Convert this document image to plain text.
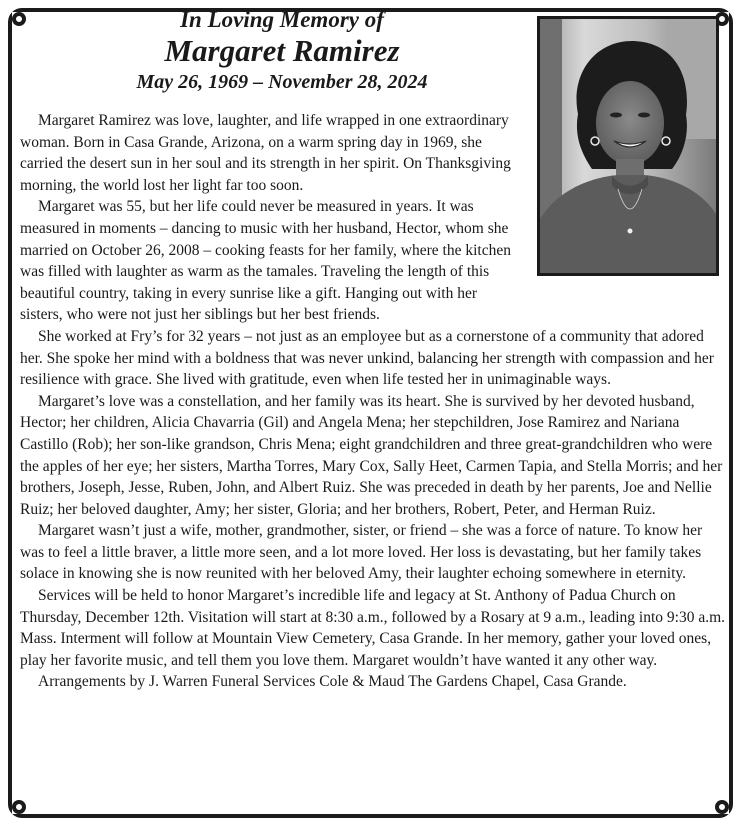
In Loving Memory of
Margaret Ramirez
May 26, 1969 – November 28, 2024

Margaret Ramirez was love, laughter, and life wrapped in one extraordinary woman. Born in Casa Grande, Arizona, on a warm spring day in 1969, she carried the desert sun in her soul and its strength in her spirit. On Thanksgiving morning, the world lost her light far too soon.

Margaret was 55, but her life could never be measured in years. It was measured in moments – dancing to music with her husband, Hector, whom she married on October 26, 2008 – cooking feasts for her family, where the kitchen was filled with laughter as warm as the tamales. Traveling the length of this beautiful country, taking in every sunrise like a gift. Hanging out with her sisters, who were not just her siblings but her best friends.

She worked at Fry’s for 32 years – not just as an employee but as a cornerstone of a community that adored her. She spoke her mind with a boldness that was never unkind, balancing her strength with compassion and her resilience with grace. She lived with gratitude, even when life tested her in unimaginable ways.

Margaret’s love was a constellation, and her family was its heart. She is survived by her devoted husband, Hector; her children, Alicia Chavarria (Gil) and Angela Mena; her stepchildren, Jose Ramirez and Nariana Castillo (Rob); her son-like grandson, Chris Mena; eight grandchildren and three great-grandchildren who were the apples of her eye; her sisters, Martha Torres, Mary Cox, Sally Heet, Carmen Tapia, and Stella Morris; and her brothers, Joseph, Jesse, Ruben, John, and Albert Ruiz. She was preceded in death by her parents, Joe and Nellie Ruiz; her beloved daughter, Amy; her sister, Gloria; and her brothers, Robert, Peter, and Herman Ruiz.

Margaret wasn’t just a wife, mother, grandmother, sister, or friend – she was a force of nature. To know her was to feel a little braver, a little more seen, and a lot more loved. Her loss is devastating, but her family takes solace in knowing she is now reunited with her beloved Amy, their laughter echoing somewhere in eternity.

Services will be held to honor Margaret’s incredible life and legacy at St. Anthony of Padua Church on Thursday, December 12th. Visitation will start at 8:30 a.m., followed by a Rosary at 9 a.m., leading into 9:30 a.m. Mass. Interment will follow at Mountain View Cemetery, Casa Grande. In her memory, gather your loved ones, play her favorite music, and tell them you love them. Margaret wouldn’t have wanted it any other way.

Arrangements by J. Warren Funeral Services Cole & Maud The Gardens Chapel, Casa Grande.
